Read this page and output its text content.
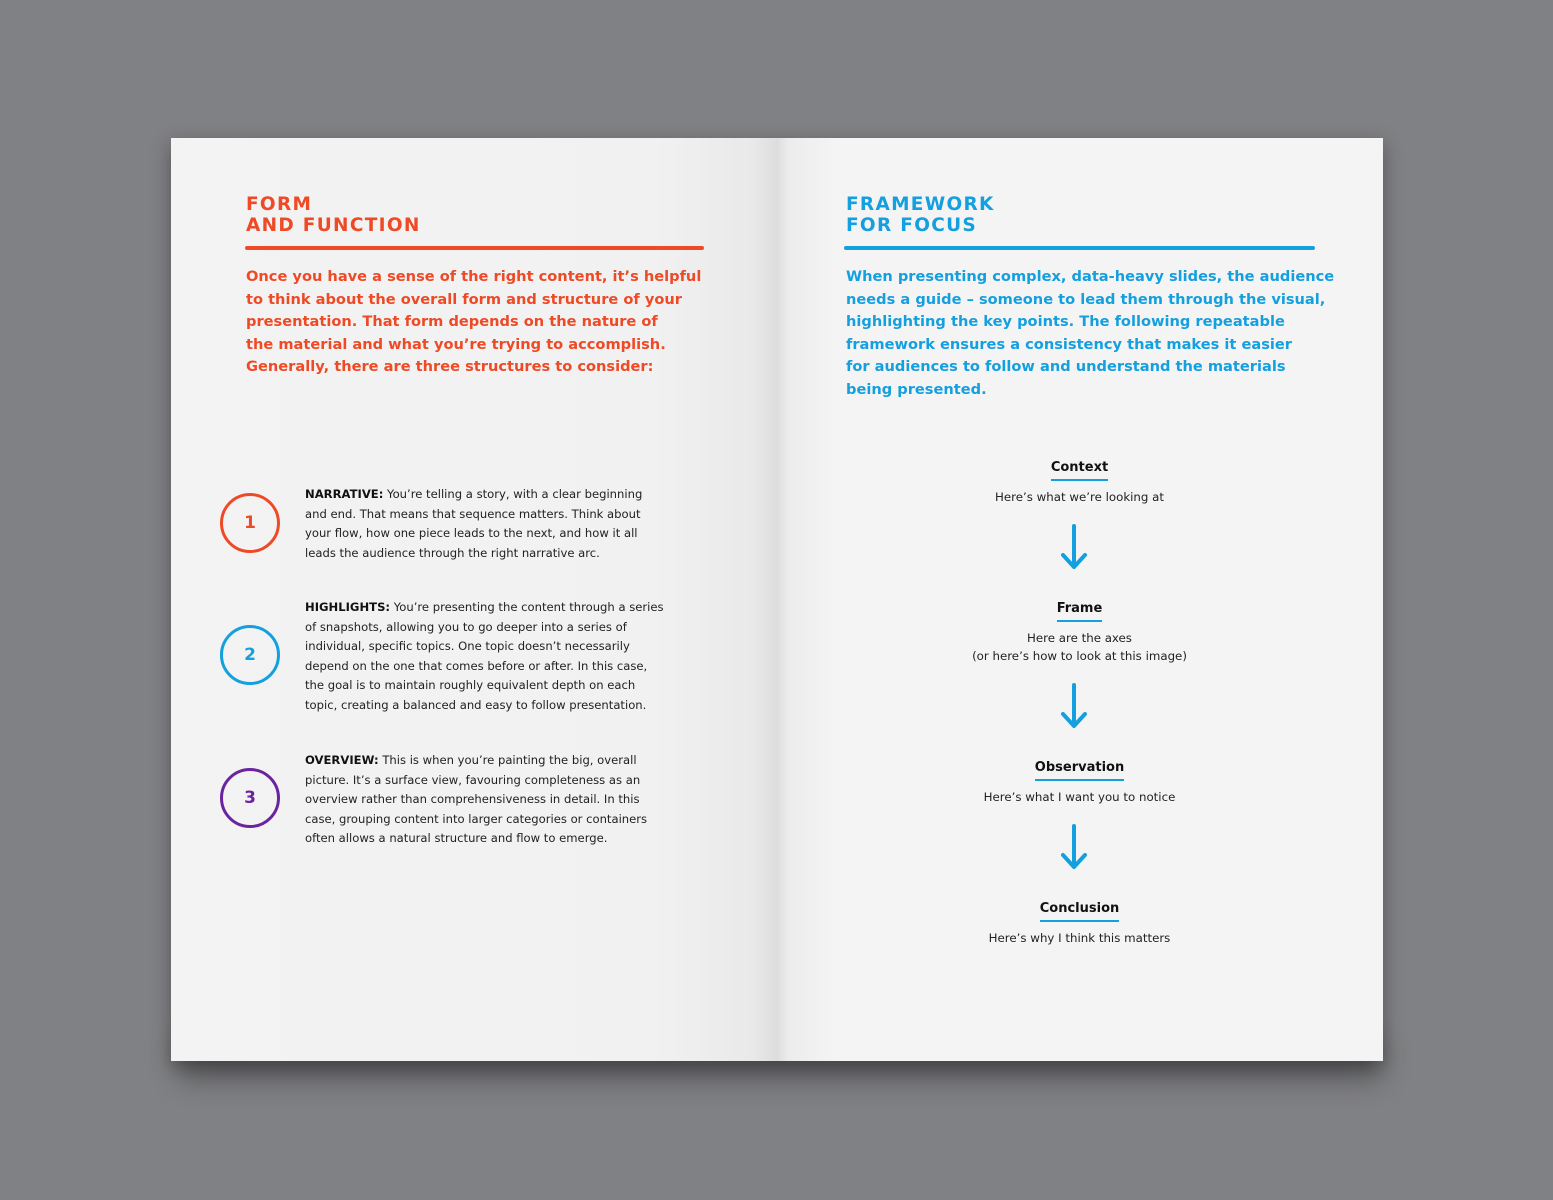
FORM
AND FUNCTION

Once you have a sense of the right content, it’s helpful
to think about the overall form and structure of your
presentation. That form depends on the nature of
the material and what you’re trying to accomplish.
Generally, there are three structures to consider:

1

NARRATIVE: You’re telling a story, with a clear beginning
and end. That means that sequence matters. Think about
your flow, how one piece leads to the next, and how it all
leads the audience through the right narrative arc.

2

HIGHLIGHTS: You’re presenting the content through a series
of snapshots, allowing you to go deeper into a series of
individual, specific topics. One topic doesn’t necessarily
depend on the one that comes before or after. In this case,
the goal is to maintain roughly equivalent depth on each
topic, creating a balanced and easy to follow presentation.

3

OVERVIEW: This is when you’re painting the big, overall
picture. It’s a surface view, favouring completeness as an
overview rather than comprehensiveness in detail. In this
case, grouping content into larger categories or containers
often allows a natural structure and flow to emerge.

FRAMEWORK
FOR FOCUS

When presenting complex, data-heavy slides, the audience
needs a guide – someone to lead them through the visual,
highlighting the key points. The following repeatable
framework ensures a consistency that makes it easier
for audiences to follow and understand the materials
being presented.

Context
Here’s what we’re looking at
Frame
Here are the axes
(or here’s how to look at this image)
Observation
Here’s what I want you to notice
Conclusion
Here’s why I think this matters
